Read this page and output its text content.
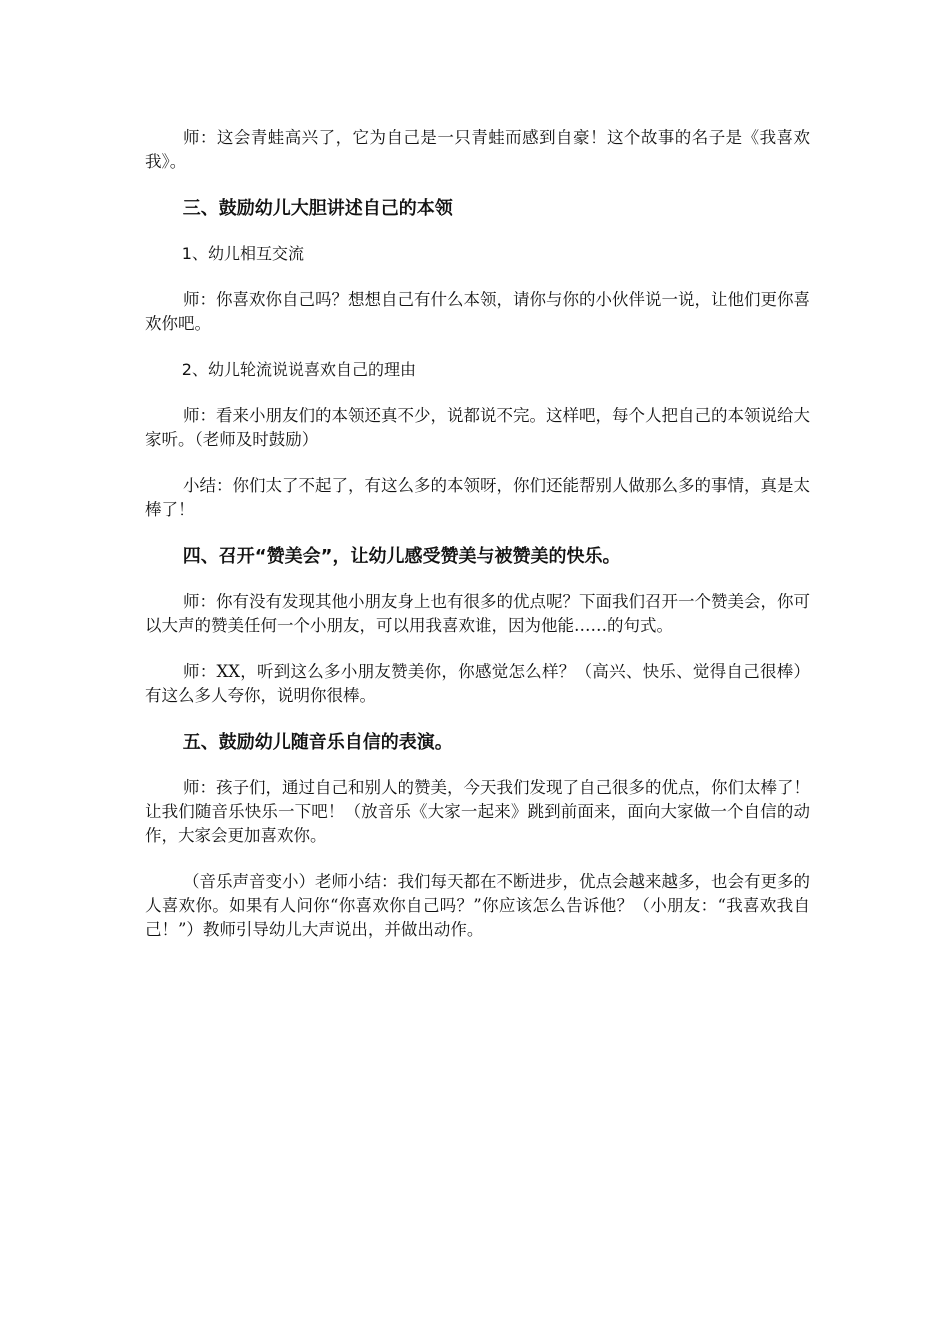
师：这会青蛙高兴了，它为自己是一只青蛙而感到自豪！这个故事的名子是《我喜欢我》。

三、鼓励幼儿大胆讲述自己的本领

1、幼儿相互交流

师：你喜欢你自己吗？想想自己有什么本领，请你与你的小伙伴说一说，让他们更你喜欢你吧。

2、幼儿轮流说说喜欢自己的理由

师：看来小朋友们的本领还真不少，说都说不完。这样吧，每个人把自己的本领说给大家听。（老师及时鼓励）

小结：你们太了不起了，有这么多的本领呀，你们还能帮别人做那么多的事情，真是太棒了！

四、召开“赞美会”，让幼儿感受赞美与被赞美的快乐。

师：你有没有发现其他小朋友身上也有很多的优点呢？下面我们召开一个赞美会，你可以大声的赞美任何一个小朋友，可以用我喜欢谁，因为他能……的句式。

师：XX，听到这么多小朋友赞美你，你感觉怎么样？（高兴、快乐、觉得自己很棒）有这么多人夸你，说明你很棒。

五、鼓励幼儿随音乐自信的表演。

师：孩子们，通过自己和别人的赞美，今天我们发现了自己很多的优点，你们太棒了！让我们随音乐快乐一下吧！（放音乐《大家一起来》跳到前面来，面向大家做一个自信的动作，大家会更加喜欢你。

（音乐声音变小）老师小结：我们每天都在不断进步，优点会越来越多，也会有更多的人喜欢你。如果有人问你“你喜欢你自己吗？”你应该怎么告诉他？（小朋友：“我喜欢我自己！”）教师引导幼儿大声说出，并做出动作。
